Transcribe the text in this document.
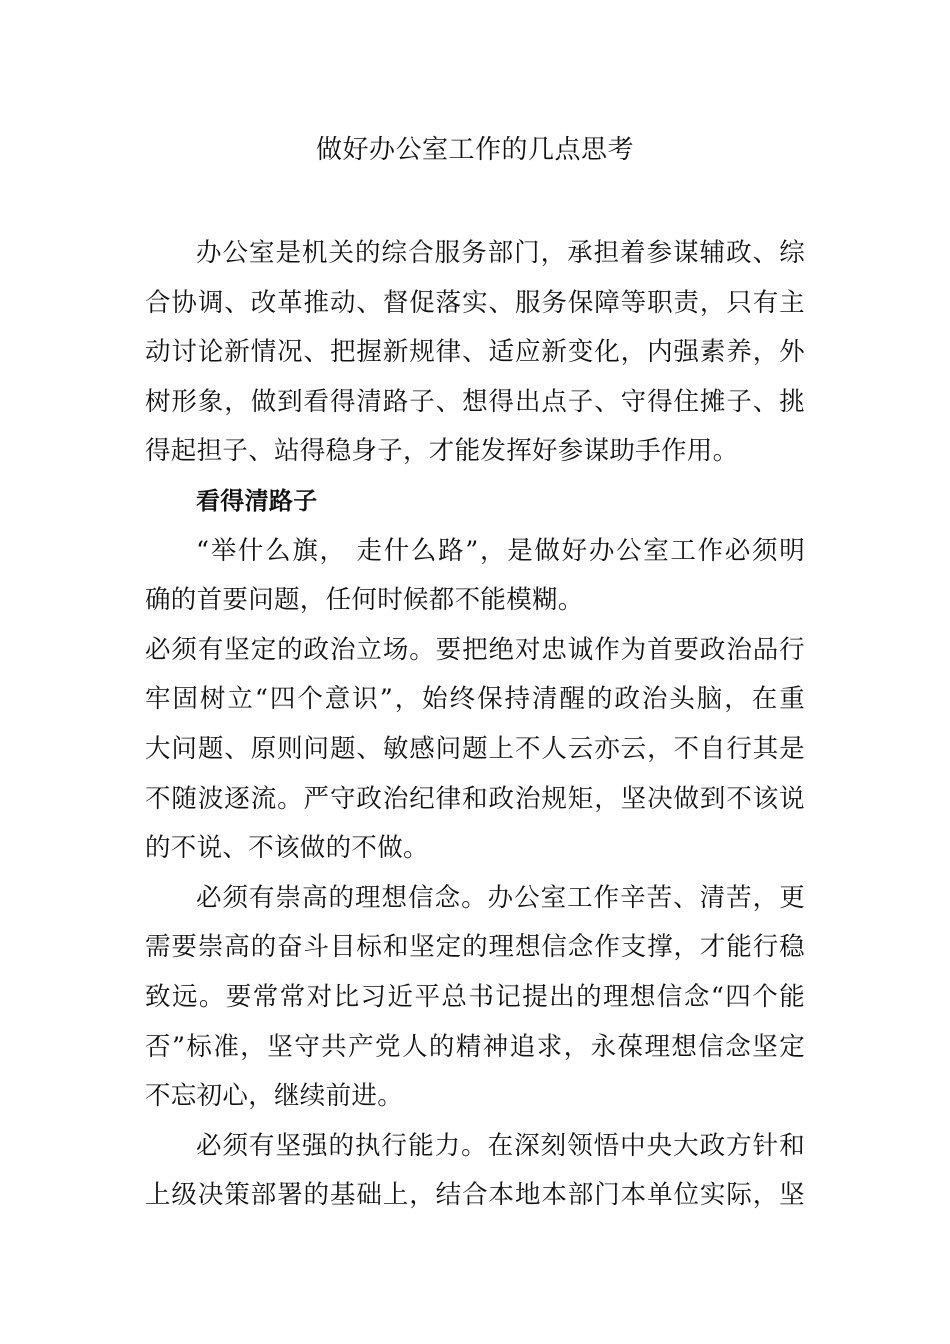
做好办公室工作的几点思考
办公室是机关的综合服务部门，承担着参谋辅政、综
合协调、改革推动、督促落实、服务保障等职责，只有主
动讨论新情况、把握新规律、适应新变化，内强素养，外
树形象，做到看得清路子、想得出点子、守得住摊子、挑
得起担子、站得稳身子，才能发挥好参谋助手作用。
看得清路子
“举什么旗， 走什么路”，是做好办公室工作必须明
确的首要问题，任何时候都不能模糊。
必须有坚定的政治立场。要把绝对忠诚作为首要政治品行
牢固树立“四个意识”，始终保持清醒的政治头脑，在重
大问题、原则问题、敏感问题上不人云亦云，不自行其是
不随波逐流。严守政治纪律和政治规矩，坚决做到不该说
的不说、不该做的不做。
必须有崇高的理想信念。办公室工作辛苦、清苦，更
需要崇高的奋斗目标和坚定的理想信念作支撑，才能行稳
致远。要常常对比习近平总书记提出的理想信念“四个能
否”标准，坚守共产党人的精神追求，永葆理想信念坚定
不忘初心，继续前进。
必须有坚强的执行能力。在深刻领悟中央大政方针和
上级决策部署的基础上，结合本地本部门本单位实际，坚
